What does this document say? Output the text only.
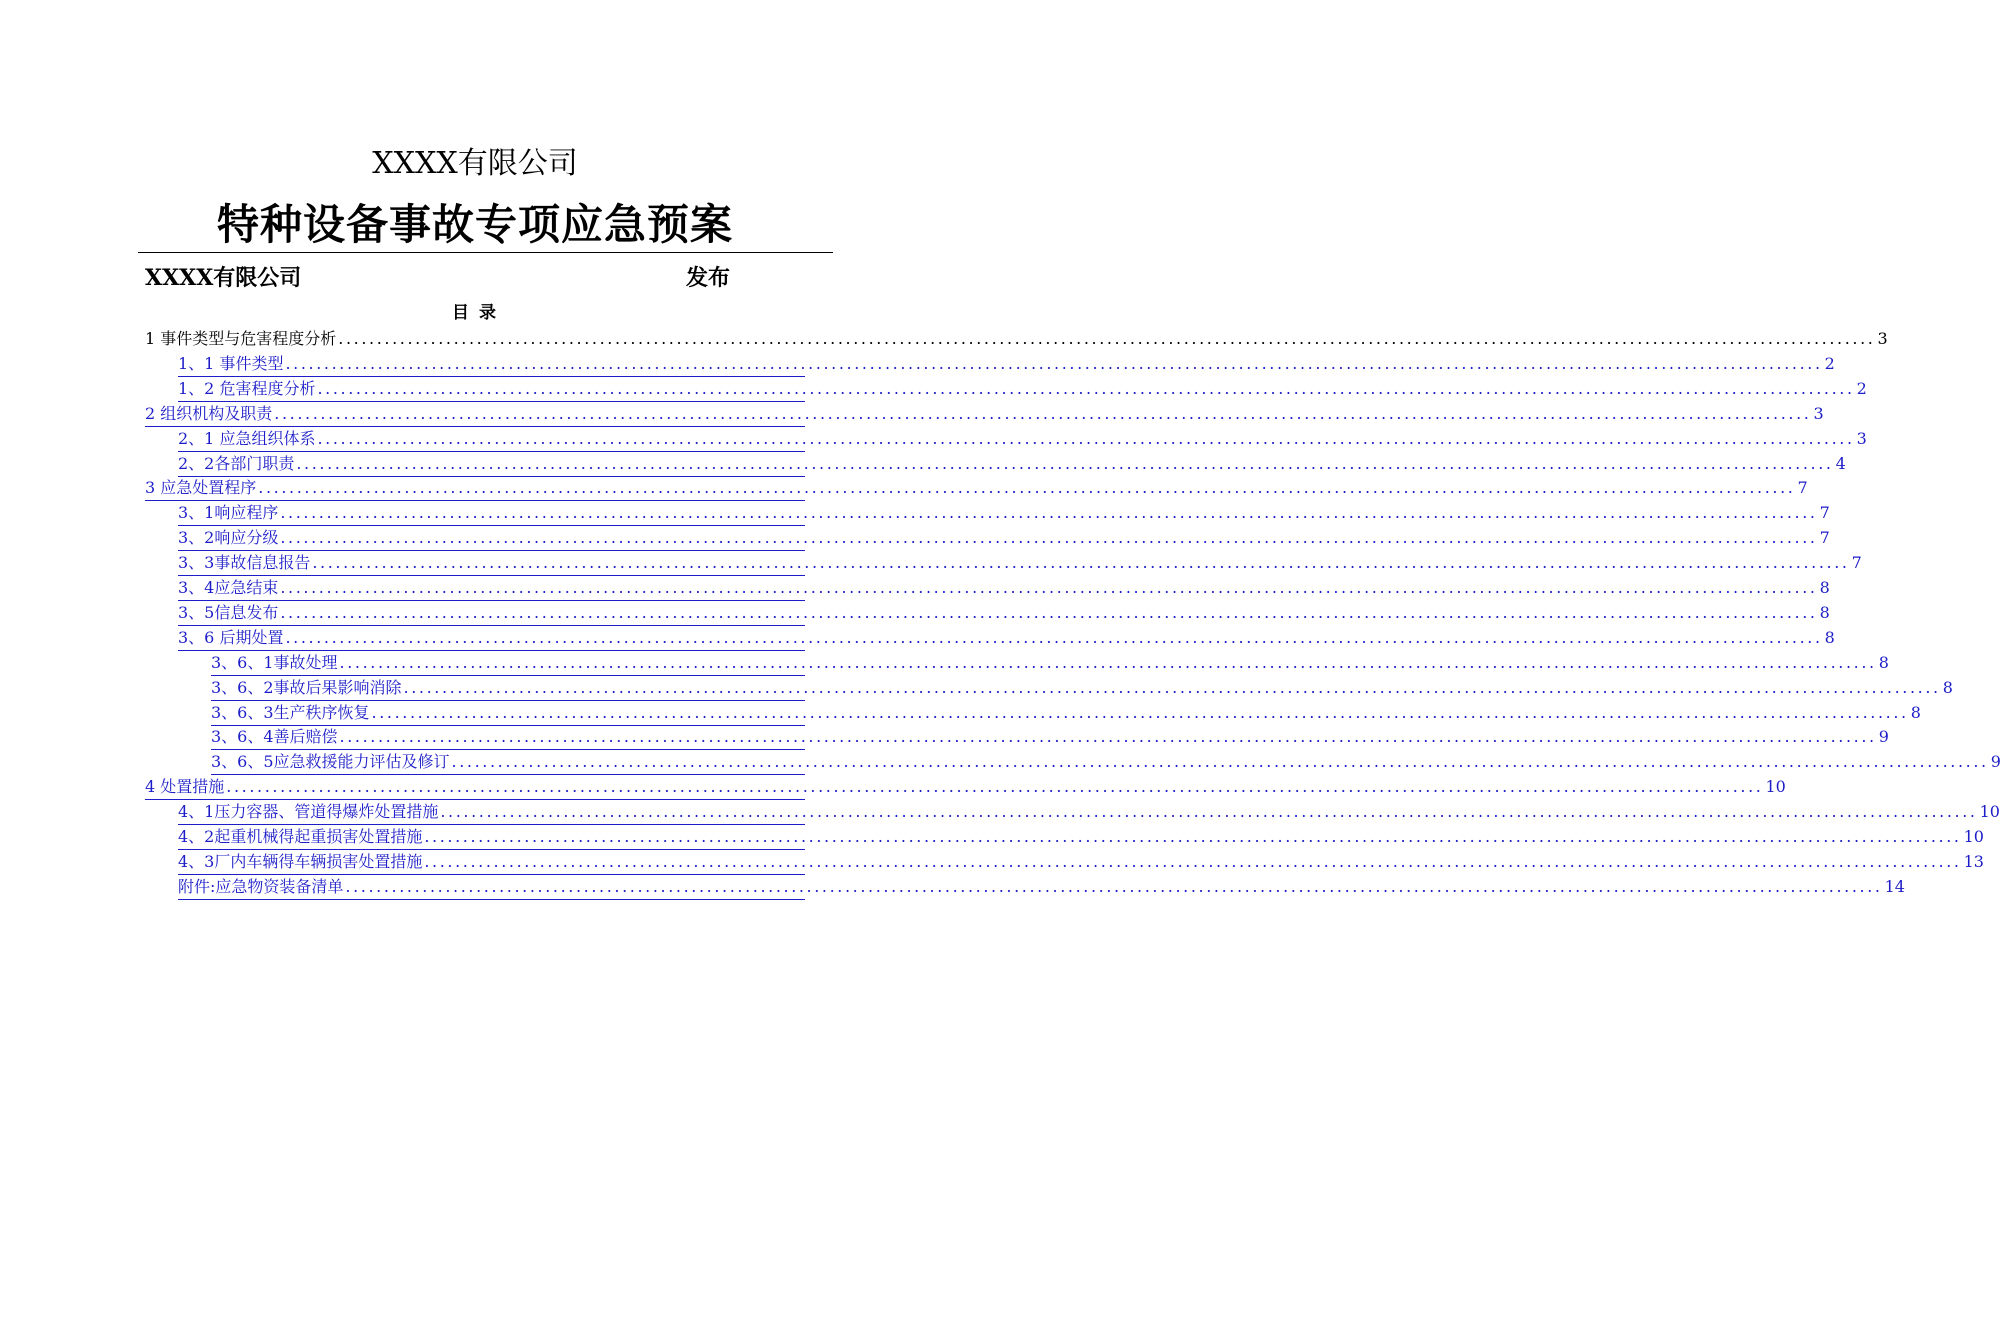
XXXX有限公司
特种设备事故专项应急预案
XXXX有限公司	发布
目 录
1 事件类型与危害程度分析 ........................................................................................................................................................................................................ 3
1、1 事件类型 ........................................................................................................................................................................................................ 2
1、2 危害程度分析 ........................................................................................................................................................................................................ 2
2 组织机构及职责 ........................................................................................................................................................................................................ 3
2、1 应急组织体系 ........................................................................................................................................................................................................ 3
2、2各部门职责 ........................................................................................................................................................................................................ 4
3 应急处置程序 ........................................................................................................................................................................................................ 7
3、1响应程序 ........................................................................................................................................................................................................ 7
3、2响应分级 ........................................................................................................................................................................................................ 7
3、3事故信息报告 ........................................................................................................................................................................................................ 7
3、4应急结束 ........................................................................................................................................................................................................ 8
3、5信息发布 ........................................................................................................................................................................................................ 8
3、6 后期处置 ........................................................................................................................................................................................................ 8
3、6、1事故处理 ........................................................................................................................................................................................................ 8
3、6、2事故后果影响消除 ........................................................................................................................................................................................................ 8
3、6、3生产秩序恢复 ........................................................................................................................................................................................................ 8
3、6、4善后赔偿 ........................................................................................................................................................................................................ 9
3、6、5应急救援能力评估及修订 ........................................................................................................................................................................................................ 9
4 处置措施 ........................................................................................................................................................................................................ 10
4、1压力容器、管道得爆炸处置措施 ........................................................................................................................................................................................................ 10
4、2起重机械得起重损害处置措施 ........................................................................................................................................................................................................ 10
4、3厂内车辆得车辆损害处置措施 ........................................................................................................................................................................................................ 13
附件:应急物资装备清单 ........................................................................................................................................................................................................ 14
